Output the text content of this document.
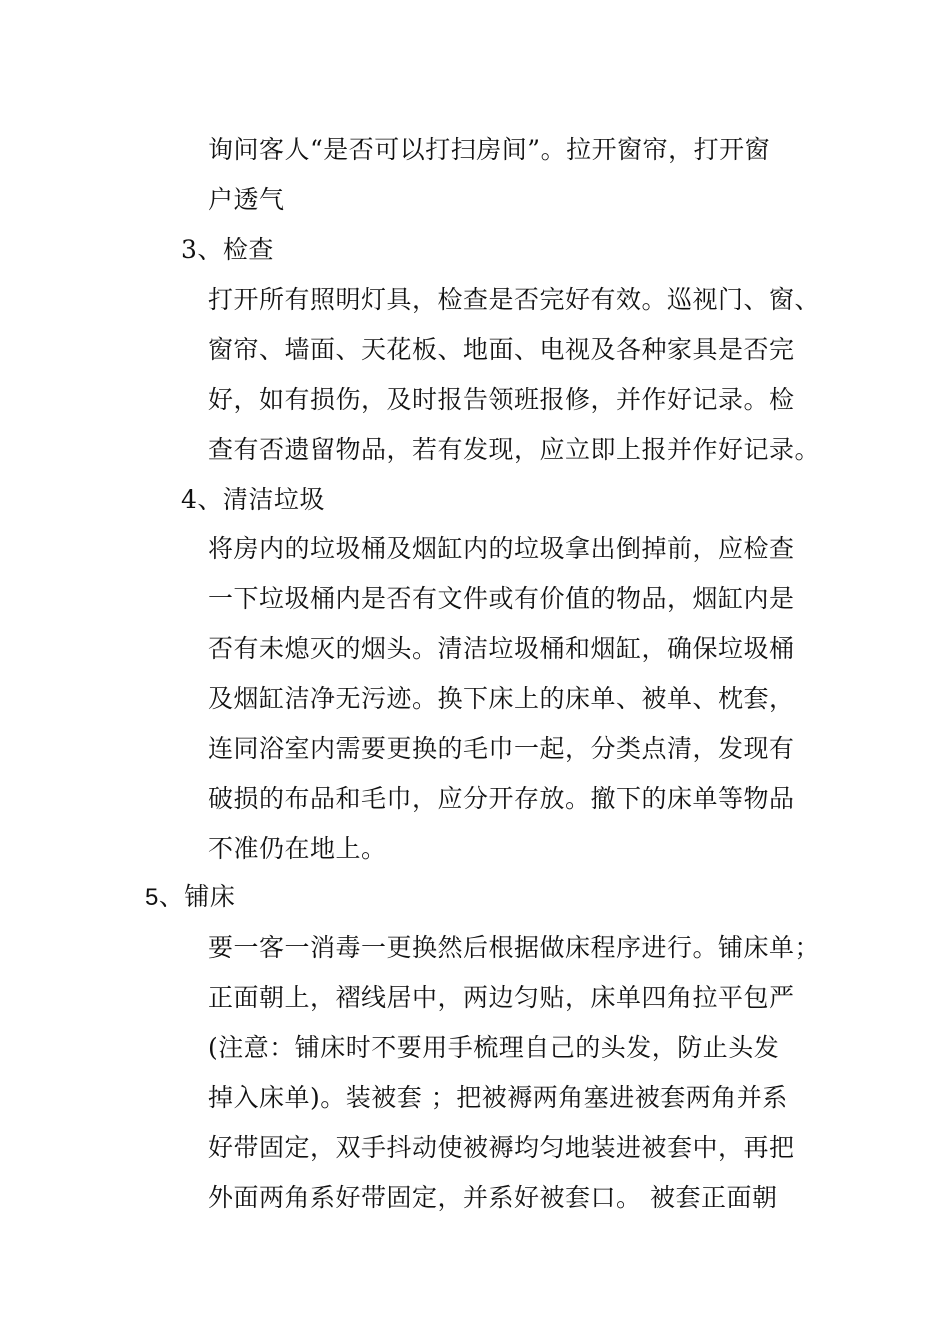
询问客人“是否可以打扫房间”。拉开窗帘，打开窗
户透气
3、检查
打开所有照明灯具，检查是否完好有效。巡视门、窗、
窗帘、墙面、天花板、地面、电视及各种家具是否完
好，如有损伤，及时报告领班报修，并作好记录。检
查有否遗留物品，若有发现，应立即上报并作好记录。
4、清洁垃圾
将房内的垃圾桶及烟缸内的垃圾拿出倒掉前，应检查
一下垃圾桶内是否有文件或有价值的物品，烟缸内是
否有未熄灭的烟头。清洁垃圾桶和烟缸，确保垃圾桶
及烟缸洁净无污迹。换下床上的床单、被单、枕套，
连同浴室内需要更换的毛巾一起，分类点清，发现有
破损的布品和毛巾，应分开存放。撤下的床单等物品
不准仍在地上。
5、铺床
要一客一消毒一更换然后根据做床程序进行。铺床单；
正面朝上，褶线居中，两边匀贴，床单四角拉平包严
(注意：铺床时不要用手梳理自己的头发，防止头发
掉入床单)。装被套 ；把被褥两角塞进被套两角并系
好带固定，双手抖动使被褥均匀地装进被套中，再把
外面两角系好带固定，并系好被套口。 被套正面朝
